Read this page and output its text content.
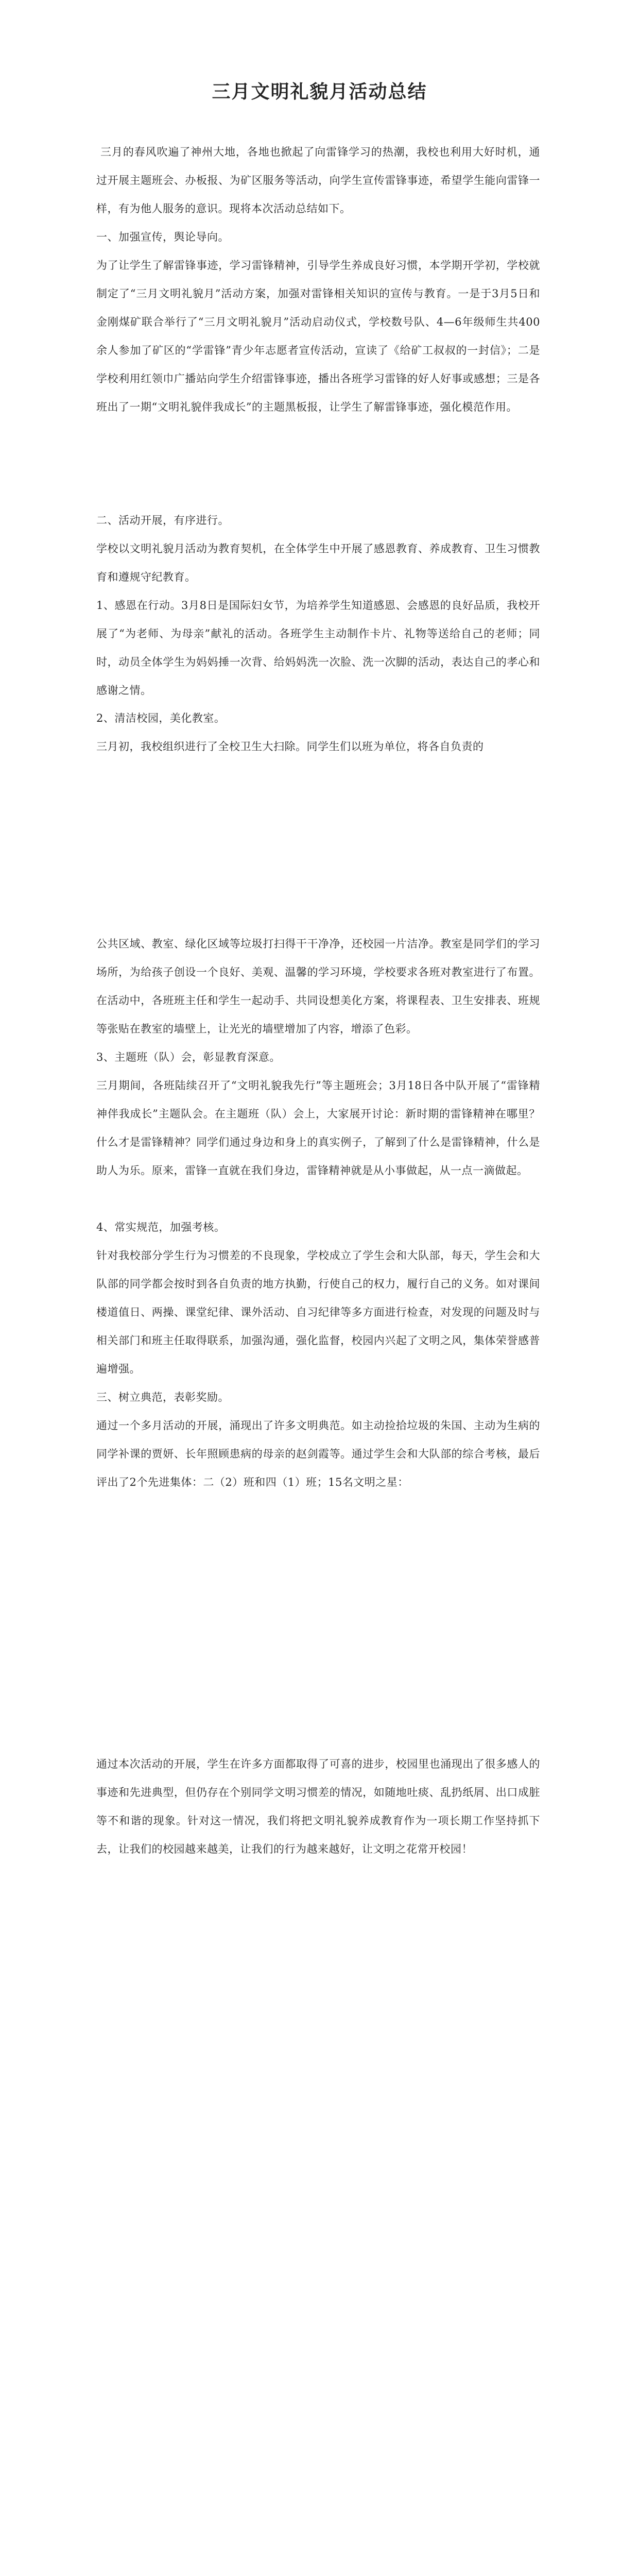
三月文明礼貌月活动总结

三月的春风吹遍了神州大地，各地也掀起了向雷锋学习的热潮，我校也利用大好时机，通过开展主题班会、办板报、为矿区服务等活动，向学生宣传雷锋事迹，希望学生能向雷锋一样，有为他人服务的意识。现将本次活动总结如下。

一、加强宣传，舆论导向。

为了让学生了解雷锋事迹，学习雷锋精神，引导学生养成良好习惯，本学期开学初，学校就制定了“三月文明礼貌月”活动方案，加强对雷锋相关知识的宣传与教育。一是于3月5日和金刚煤矿联合举行了“三月文明礼貌月”活动启动仪式，学校数号队、4—6年级师生共400余人参加了矿区的“学雷锋”青少年志愿者宣传活动，宣读了《给矿工叔叔的一封信》；二是学校利用红领巾广播站向学生介绍雷锋事迹，播出各班学习雷锋的好人好事或感想；三是各班出了一期“文明礼貌伴我成长”的主题黑板报，让学生了解雷锋事迹，强化模范作用。

二、活动开展，有序进行。

学校以文明礼貌月活动为教育契机，在全体学生中开展了感恩教育、养成教育、卫生习惯教育和遵规守纪教育。

1、感恩在行动。3月8日是国际妇女节，为培养学生知道感恩、会感恩的良好品质，我校开展了“为老师、为母亲”献礼的活动。各班学生主动制作卡片、礼物等送给自己的老师；同时，动员全体学生为妈妈捶一次背、给妈妈洗一次脸、洗一次脚的活动，表达自己的孝心和感谢之情。

2、清洁校园，美化教室。

三月初，我校组织进行了全校卫生大扫除。同学生们以班为单位，将各自负责的

公共区域、教室、绿化区域等垃圾打扫得干干净净，还校园一片洁净。教室是同学们的学习场所，为给孩子创设一个良好、美观、温馨的学习环境，学校要求各班对教室进行了布置。在活动中，各班班主任和学生一起动手、共同设想美化方案，将课程表、卫生安排表、班规等张贴在教室的墙壁上，让光光的墙壁增加了内容，增添了色彩。

3、主题班（队）会，彰显教育深意。

三月期间，各班陆续召开了“文明礼貌我先行”等主题班会；3月18日各中队开展了“雷锋精神伴我成长”主题队会。在主题班（队）会上，大家展开讨论：新时期的雷锋精神在哪里？什么才是雷锋精神？同学们通过身边和身上的真实例子，了解到了什么是雷锋精神，什么是助人为乐。原来，雷锋一直就在我们身边，雷锋精神就是从小事做起，从一点一滴做起。

4、常实规范，加强考核。

针对我校部分学生行为习惯差的不良现象，学校成立了学生会和大队部，每天，学生会和大队部的同学都会按时到各自负责的地方执勤，行使自己的权力，履行自己的义务。如对课间楼道值日、两操、课堂纪律、课外活动、自习纪律等多方面进行检查，对发现的问题及时与相关部门和班主任取得联系，加强沟通，强化监督，校园内兴起了文明之风，集体荣誉感普遍增强。

三、树立典范，表彰奖励。

通过一个多月活动的开展，涌现出了许多文明典范。如主动捡拾垃圾的朱国、主动为生病的同学补课的贾妍、长年照顾患病的母亲的赵剑霞等。通过学生会和大队部的综合考核，最后评出了2个先进集体：二（2）班和四（1）班；15名文明之星：

通过本次活动的开展，学生在许多方面都取得了可喜的进步，校园里也涌现出了很多感人的事迹和先进典型，但仍存在个别同学文明习惯差的情况，如随地吐痰、乱扔纸屑、出口成脏等不和谐的现象。针对这一情况，我们将把文明礼貌养成教育作为一项长期工作坚持抓下去，让我们的校园越来越美，让我们的行为越来越好，让文明之花常开校园！
